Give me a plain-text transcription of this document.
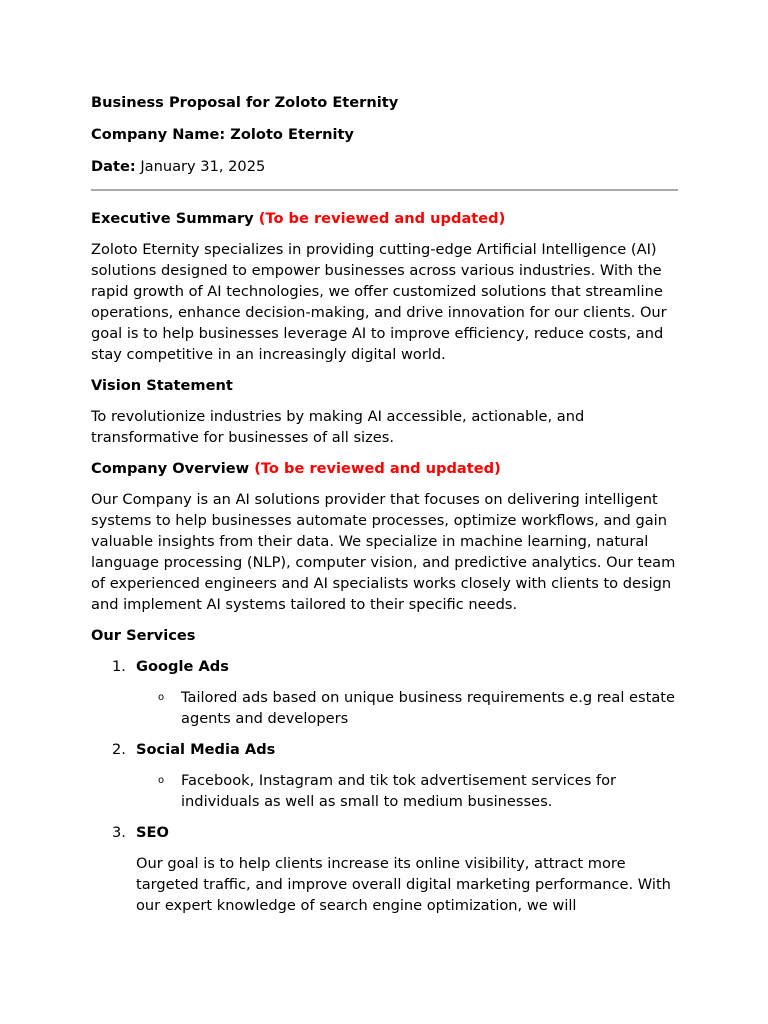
Business Proposal for Zoloto Eternity

Company Name: Zoloto Eternity

Date: January 31, 2025

Executive Summary (To be reviewed and updated)

Zoloto Eternity specializes in providing cutting-edge Artificial Intelligence (AI) solutions designed to empower businesses across various industries. With the rapid growth of AI technologies, we offer customized solutions that streamline operations, enhance decision-making, and drive innovation for our clients. Our goal is to help businesses leverage AI to improve efficiency, reduce costs, and stay competitive in an increasingly digital world.

Vision Statement

To revolutionize industries by making AI accessible, actionable, and transformative for businesses of all sizes.

Company Overview (To be reviewed and updated)

Our Company is an AI solutions provider that focuses on delivering intelligent systems to help businesses automate processes, optimize workflows, and gain valuable insights from their data. We specialize in machine learning, natural language processing (NLP), computer vision, and predictive analytics. Our team of experienced engineers and AI specialists works closely with clients to design and implement AI systems tailored to their specific needs.

Our Services
1. Google Ads

o Tailored ads based on unique business requirements e.g real estate agents and developers

2. Social Media Ads

o Facebook, Instagram and tik tok advertisement services for individuals as well as small to medium businesses.

3. SEO

Our goal is to help clients increase its online visibility, attract more targeted traffic, and improve overall digital marketing performance. With our expert knowledge of search engine optimization, we will
